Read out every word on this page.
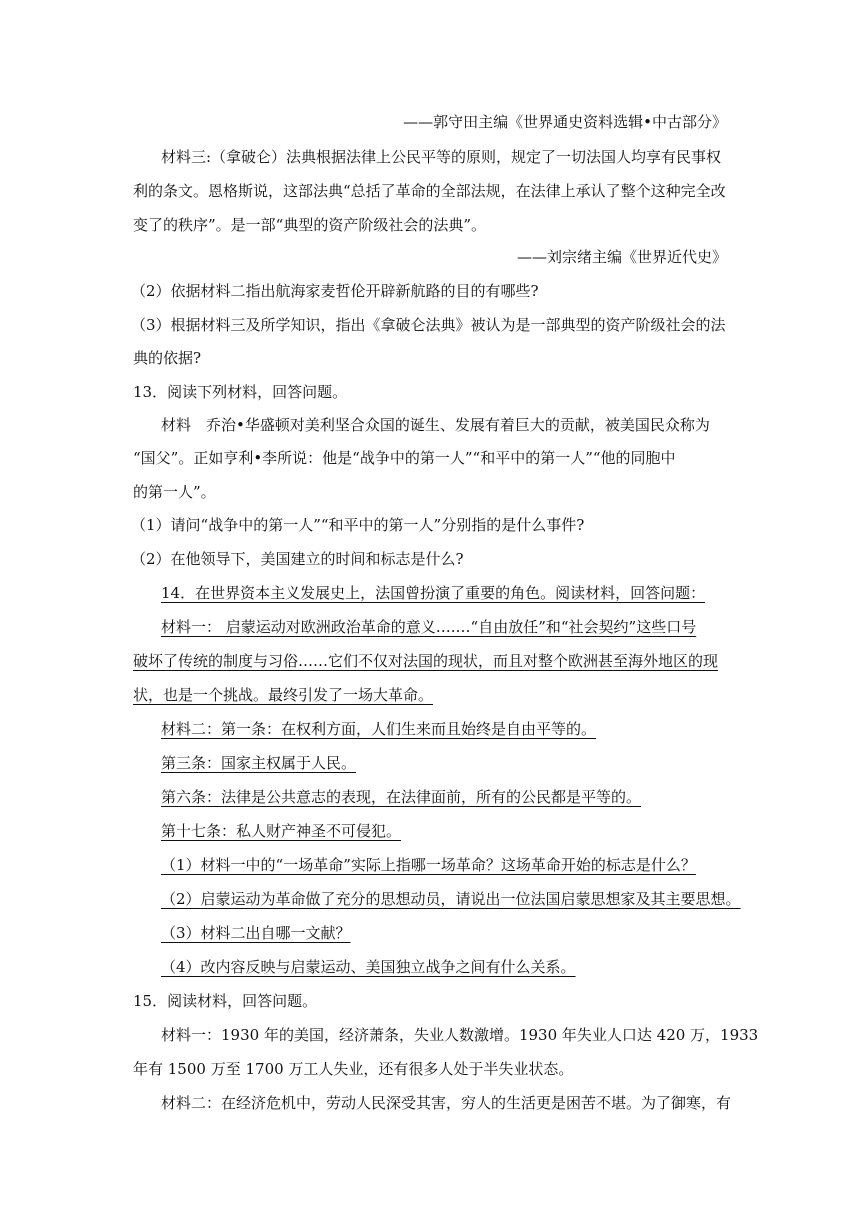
——郭守田主编《世界通史资料选辑•中古部分》
材料三:（拿破仑）法典根据法律上公民平等的原则，规定了一切法国人均享有民事权
利的条文。恩格斯说，这部法典“总括了革命的全部法规，在法律上承认了整个这种完全改
变了的秩序”。是一部“典型的资产阶级社会的法典”。
——刘宗绪主编《世界近代史》
（2）依据材料二指出航海家麦哲伦开辟新航路的目的有哪些?
（3）根据材料三及所学知识，指出《拿破仑法典》被认为是一部典型的资产阶级社会的法
典的依据?
13．阅读下列材料，回答问题。
材料　乔治•华盛顿对美利坚合众国的诞生、发展有着巨大的贡献，被美国民众称为
“国父”。正如亨利•李所说：他是“战争中的第一人”“和平中的第一人”“他的同胞中
的第一人”。
（1）请问“战争中的第一人”“和平中的第一人”分别指的是什么事件?
（2）在他领导下，美国建立的时间和标志是什么?
14．在世界资本主义发展史上，法国曾扮演了重要的角色。阅读材料，回答问题：
材料一： 启蒙运动对欧洲政治革命的意义….…“自由放任”和“社会契约”这些口号
破坏了传统的制度与习俗……它们不仅对法国的现状，而且对整个欧洲甚至海外地区的现
状，也是一个挑战。最终引发了一场大革命。
材料二：第一条：在权利方面，人们生来而且始终是自由平等的。
第三条：国家主权属于人民。
第六条：法律是公共意志的表现，在法律面前，所有的公民都是平等的。
第十七条：私人财产神圣不可侵犯。
（1）材料一中的“一场革命”实际上指哪一场革命？这场革命开始的标志是什么？
（2）启蒙运动为革命做了充分的思想动员，请说出一位法国启蒙思想家及其主要思想。
（3）材料二出自哪一文献？
（4）改内容反映与启蒙运动、美国独立战争之间有什么关系。
15．阅读材料，回答问题。
材料一：1930 年的美国，经济萧条，失业人数激增。1930 年失业人口达 420 万，1933
年有 1500 万至 1700 万工人失业，还有很多人处于半失业状态。
材料二：在经济危机中，劳动人民深受其害，穷人的生活更是困苦不堪。为了御寒，有
